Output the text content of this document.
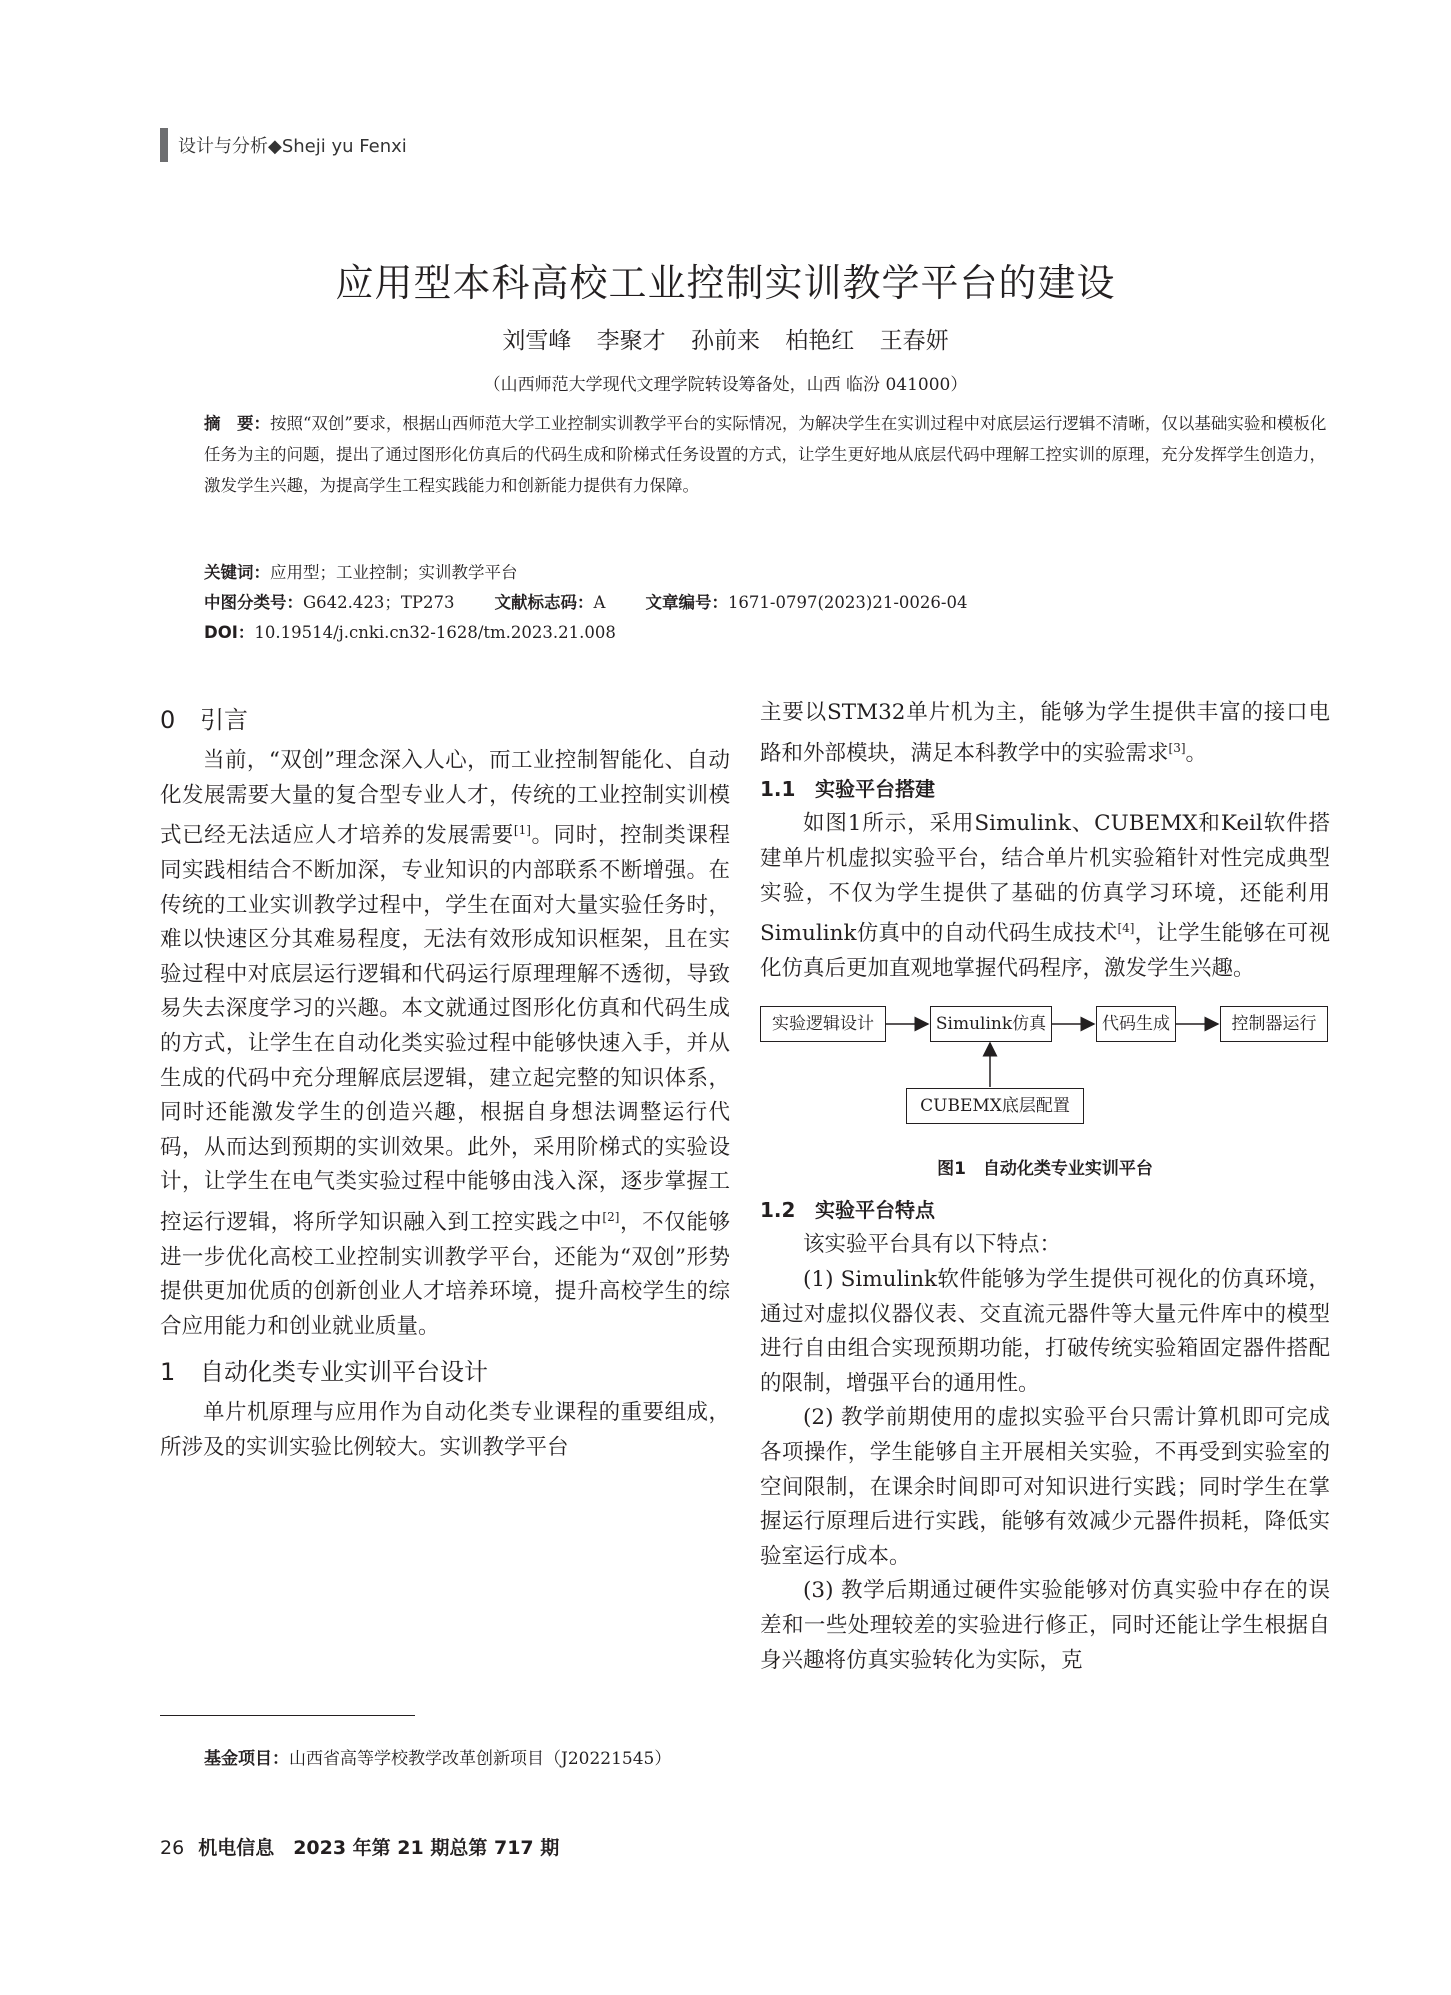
设计与分析◆Sheji yu Fenxi
应用型本科高校工业控制实训教学平台的建设
刘雪峰 李聚才 孙前来 柏艳红 王春妍
（山西师范大学现代文理学院转设筹备处，山西 临汾 041000）

摘　要：按照“双创”要求，根据山西师范大学工业控制实训教学平台的实际情况，为解决学生在实训过程中对底层运行逻辑不清晰，仅以基础实验和模板化任务为主的问题，提出了通过图形化仿真后的代码生成和阶梯式任务设置的方式，让学生更好地从底层代码中理解工控实训的原理，充分发挥学生创造力，激发学生兴趣，为提高学生工程实践能力和创新能力提供有力保障。

关键词：应用型；工业控制；实训教学平台
中图分类号：G642.423；TP273 文献标志码：A 文章编号：1671-0797(2023)21-0026-04
DOI：10.19514/j.cnki.cn32-1628/tm.2023.21.008
0 引言

当前，“双创”理念深入人心，而工业控制智能化、自动化发展需要大量的复合型专业人才，传统的工业控制实训模式已经无法适应人才培养的发展需要[1]。同时，控制类课程同实践相结合不断加深，专业知识的内部联系不断增强。在传统的工业实训教学过程中，学生在面对大量实验任务时，难以快速区分其难易程度，无法有效形成知识框架，且在实验过程中对底层运行逻辑和代码运行原理理解不透彻，导致易失去深度学习的兴趣。本文就通过图形化仿真和代码生成的方式，让学生在自动化类实验过程中能够快速入手，并从生成的代码中充分理解底层逻辑，建立起完整的知识体系，同时还能激发学生的创造兴趣，根据自身想法调整运行代码，从而达到预期的实训效果。此外，采用阶梯式的实验设计，让学生在电气类实验过程中能够由浅入深，逐步掌握工控运行逻辑，将所学知识融入到工控实践之中[2]，不仅能够进一步优化高校工业控制实训教学平台，还能为“双创”形势提供更加优质的创新创业人才培养环境，提升高校学生的综合应用能力和创业就业质量。

1 自动化类专业实训平台设计

单片机原理与应用作为自动化类专业课程的重要组成，所涉及的实训实验比例较大。实训教学平台

主要以STM32单片机为主，能够为学生提供丰富的接口电路和外部模块，满足本科教学中的实验需求[3]。

1.1 实验平台搭建

如图1所示，采用Simulink、CUBEMX和Keil软件搭建单片机虚拟实验平台，结合单片机实验箱针对性完成典型实验，不仅为学生提供了基础的仿真学习环境，还能利用Simulink仿真中的自动代码生成技术[4]，让学生能够在可视化仿真后更加直观地掌握代码程序，激发学生兴趣。

实验逻辑设计	Simulink仿真	代码生成	控制器运行
CUBEMX底层配置
图1　自动化类专业实训平台
1.2 实验平台特点

该实验平台具有以下特点：

(1) Simulink软件能够为学生提供可视化的仿真环境，通过对虚拟仪器仪表、交直流元器件等大量元件库中的模型进行自由组合实现预期功能，打破传统实验箱固定器件搭配的限制，增强平台的通用性。

(2) 教学前期使用的虚拟实验平台只需计算机即可完成各项操作，学生能够自主开展相关实验，不再受到实验室的空间限制，在课余时间即可对知识进行实践；同时学生在掌握运行原理后进行实践，能够有效减少元器件损耗，降低实验室运行成本。

(3) 教学后期通过硬件实验能够对仿真实验中存在的误差和一些处理较差的实验进行修正，同时还能让学生根据自身兴趣将仿真实验转化为实际，克

基金项目：山西省高等学校教学改革创新项目（J20221545）
26 机电信息　2023 年第 21 期总第 717 期
